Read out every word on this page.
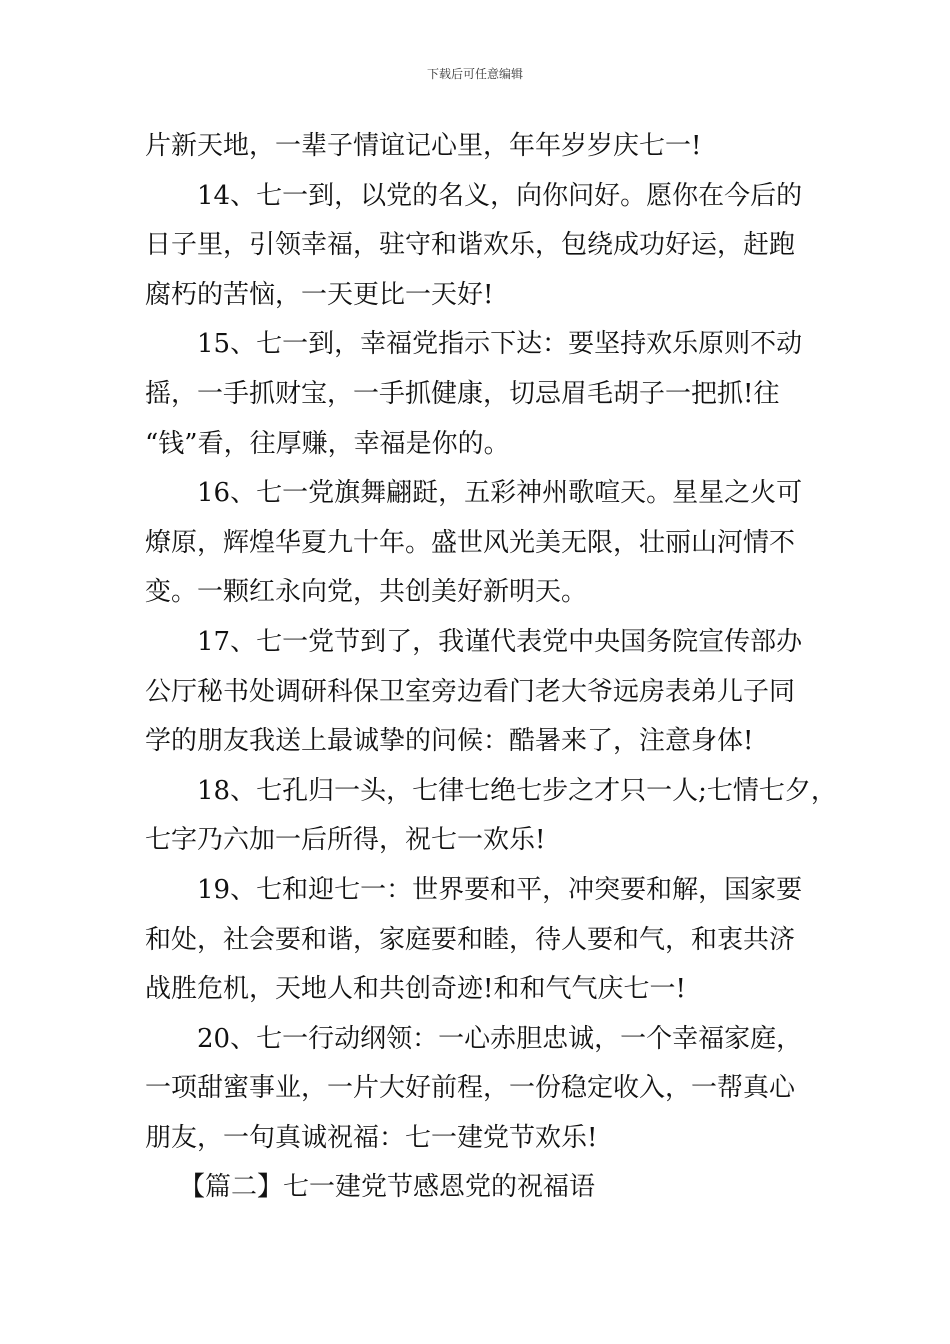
下载后可任意编辑
片新天地，一辈子情谊记心里，年年岁岁庆七一!
14、七一到，以党的名义，向你问好。愿你在今后的
日子里，引领幸福，驻守和谐欢乐，包绕成功好运，赶跑
腐朽的苦恼，一天更比一天好!
15、七一到，幸福党指示下达：要坚持欢乐原则不动
摇，一手抓财宝，一手抓健康，切忌眉毛胡子一把抓!往
“钱”看，往厚赚，幸福是你的。
16、七一党旗舞翩跹，五彩神州歌喧天。星星之火可
燎原，辉煌华夏九十年。盛世风光美无限，壮丽山河情不
变。一颗红永向党，共创美好新明天。
17、七一党节到了，我谨代表党中央国务院宣传部办
公厅秘书处调研科保卫室旁边看门老大爷远房表弟儿子同
学的朋友我送上最诚挚的问候：酷暑来了，注意身体!
18、七孔归一头，七律七绝七步之才只一人;七情七夕，
七字乃六加一后所得，祝七一欢乐!
19、七和迎七一：世界要和平，冲突要和解，国家要
和处，社会要和谐，家庭要和睦，待人要和气，和衷共济
战胜危机，天地人和共创奇迹!和和气气庆七一!
20、七一行动纲领：一心赤胆忠诚，一个幸福家庭，
一项甜蜜事业，一片大好前程，一份稳定收入，一帮真心
朋友，一句真诚祝福：七一建党节欢乐!
【篇二】七一建党节感恩党的祝福语
